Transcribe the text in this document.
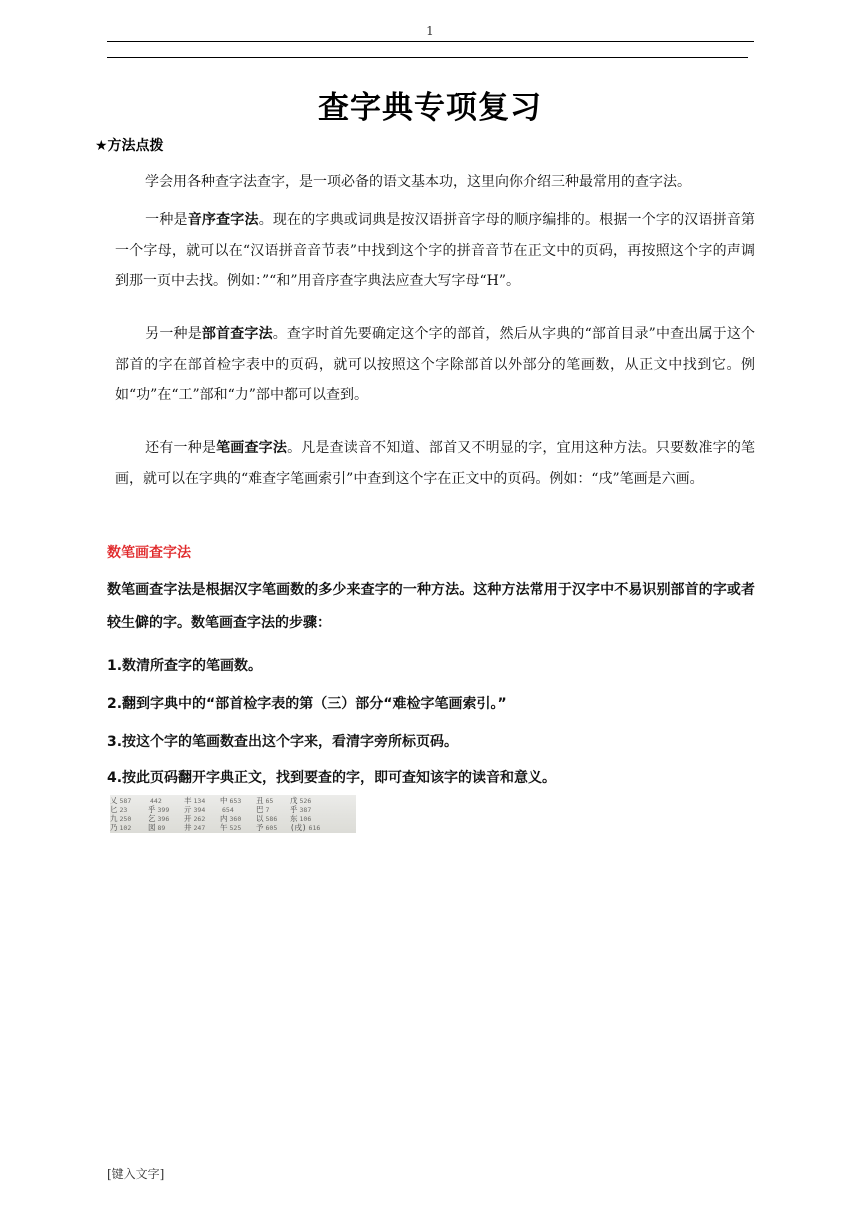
1
查字典专项复习
★方法点拨
学会用各种查字法查字，是一项必备的语文基本功，这里向你介绍三种最常用的查字法。
一种是音序查字法。现在的字典或词典是按汉语拼音字母的顺序编排的。根据一个字的汉语拼音第一个字母，就可以在“汉语拼音音节表”中找到这个字的拼音音节在正文中的页码，再按照这个字的声调到那一页中去找。例如：”“和”用音序查字典法应查大写字母“H”。
另一种是部首查字法。查字时首先要确定这个字的部首，然后从字典的“部首目录”中查出属于这个部首的字在部首检字表中的页码，就可以按照这个字除部首以外部分的笔画数，从正文中找到它。例如“功”在“工”部和“力”部中都可以查到。
还有一种是笔画查字法。凡是查读音不知道、部首又不明显的字，宜用这种方法。只要数准字的笔画，就可以在字典的“难查字笔画索引”中查到这个字在正文中的页码。例如：“戌”笔画是六画。
数笔画查字法
数笔画查字法是根据汉字笔画数的多少来查字的一种方法。这种方法常用于汉字中不易识别部首的字或者较生僻的字。数笔画查字法的步骤：
1.数清所查字的笔画数。
2.翻到字典中的“部首检字表的第（三）部分“难检字笔画索引。”
3.按这个字的笔画数查出这个字来，看清字旁所标页码。
4.按此页码翻开字典正文，找到要查的字，即可查知该字的读音和意义。
乂 587	442	丰 134 中 653 丑 65 戊 526
匕 23	乎 399 亓 394	654	巴 7	乎 387
九 250 乞 396 开 262 内 360 以 586 东 106
乃 102 図 89 井 247 午 525 予 605 (戌) 616
[键入文字]
